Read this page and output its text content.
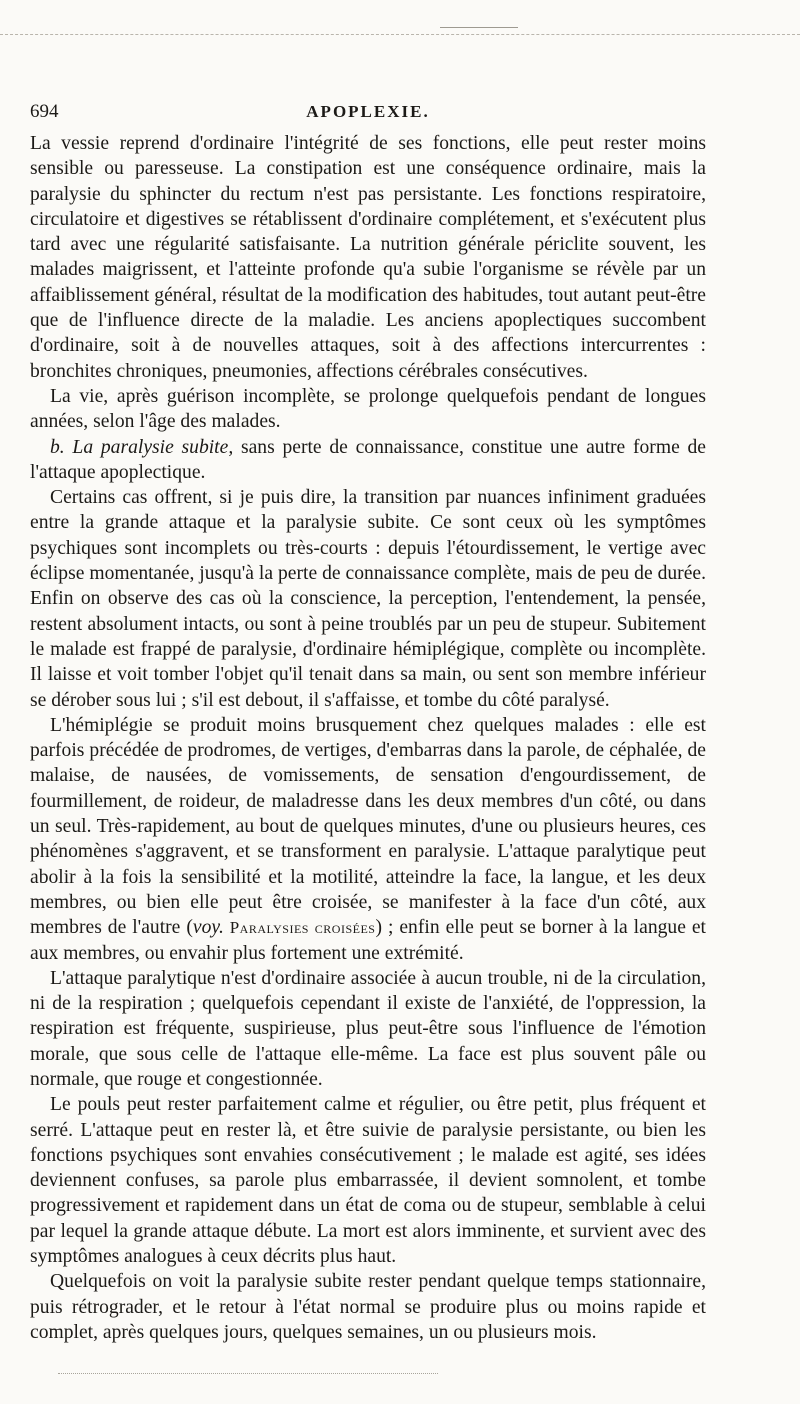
694	APOPLEXIE.

La vessie reprend d'ordinaire l'intégrité de ses fonctions, elle peut rester moins sensible ou paresseuse. La constipation est une conséquence ordinaire, mais la paralysie du sphincter du rectum n'est pas persistante. Les fonctions respiratoire, circulatoire et digestives se rétablissent d'ordinaire complétement, et s'exécutent plus tard avec une régularité satisfaisante. La nutrition générale périclite souvent, les malades maigrissent, et l'atteinte profonde qu'a subie l'organisme se révèle par un affaiblissement général, résultat de la modification des habitudes, tout autant peut-être que de l'influence directe de la maladie. Les anciens apoplectiques succombent d'ordinaire, soit à de nouvelles attaques, soit à des affections intercurrentes : bronchites chroniques, pneumonies, affections cérébrales consécutives.

La vie, après guérison incomplète, se prolonge quelquefois pendant de longues années, selon l'âge des malades.

b. La paralysie subite, sans perte de connaissance, constitue une autre forme de l'attaque apoplectique.

Certains cas offrent, si je puis dire, la transition par nuances infiniment graduées entre la grande attaque et la paralysie subite. Ce sont ceux où les symptômes psychiques sont incomplets ou très-courts : depuis l'étourdissement, le vertige avec éclipse momentanée, jusqu'à la perte de connaissance complète, mais de peu de durée. Enfin on observe des cas où la conscience, la perception, l'entendement, la pensée, restent absolument intacts, ou sont à peine troublés par un peu de stupeur. Subitement le malade est frappé de paralysie, d'ordinaire hémiplégique, complète ou incomplète. Il laisse et voit tomber l'objet qu'il tenait dans sa main, ou sent son membre inférieur se dérober sous lui ; s'il est debout, il s'affaisse, et tombe du côté paralysé.

L'hémiplégie se produit moins brusquement chez quelques malades : elle est parfois précédée de prodromes, de vertiges, d'embarras dans la parole, de céphalée, de malaise, de nausées, de vomissements, de sensation d'engourdissement, de fourmillement, de roideur, de maladresse dans les deux membres d'un côté, ou dans un seul. Très-rapidement, au bout de quelques minutes, d'une ou plusieurs heures, ces phénomènes s'aggravent, et se transforment en paralysie. L'attaque paralytique peut abolir à la fois la sensibilité et la motilité, atteindre la face, la langue, et les deux membres, ou bien elle peut être croisée, se manifester à la face d'un côté, aux membres de l'autre (voy. Paralysies croisées) ; enfin elle peut se borner à la langue et aux membres, ou envahir plus fortement une extrémité.

L'attaque paralytique n'est d'ordinaire associée à aucun trouble, ni de la circulation, ni de la respiration ; quelquefois cependant il existe de l'anxiété, de l'oppression, la respiration est fréquente, suspirieuse, plus peut-être sous l'influence de l'émotion morale, que sous celle de l'attaque elle-même. La face est plus souvent pâle ou normale, que rouge et congestionnée.

Le pouls peut rester parfaitement calme et régulier, ou être petit, plus fréquent et serré. L'attaque peut en rester là, et être suivie de paralysie persistante, ou bien les fonctions psychiques sont envahies consécutivement ; le malade est agité, ses idées deviennent confuses, sa parole plus embarrassée, il devient somnolent, et tombe progressivement et rapidement dans un état de coma ou de stupeur, semblable à celui par lequel la grande attaque débute. La mort est alors imminente, et survient avec des symptômes analogues à ceux décrits plus haut.

Quelquefois on voit la paralysie subite rester pendant quelque temps stationnaire, puis rétrograder, et le retour à l'état normal se produire plus ou moins rapide et complet, après quelques jours, quelques semaines, un ou plusieurs mois.
